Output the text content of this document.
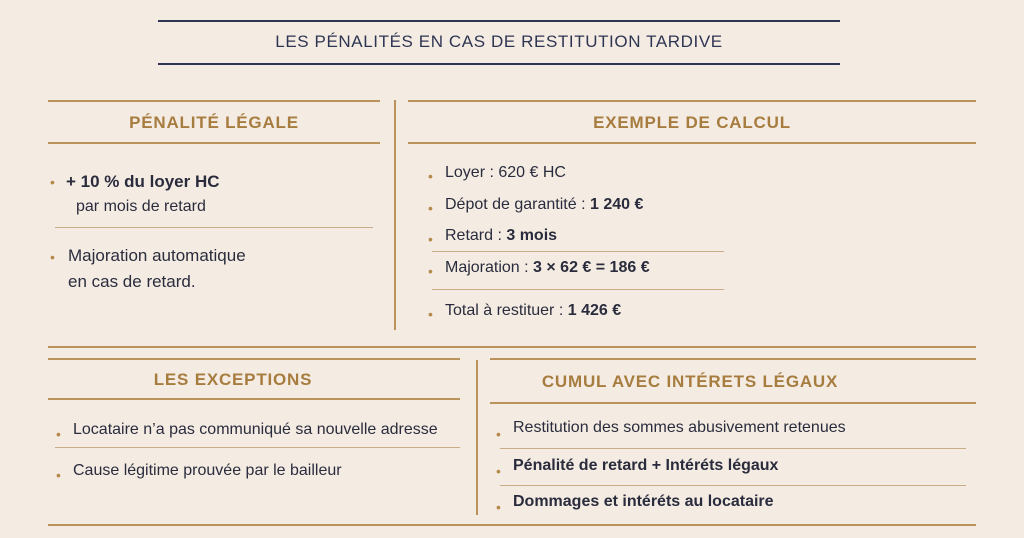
LES PÉNALITÉS EN CAS DE RESTITUTION TARDIVE
PÉNALITÉ LÉGALE
• + 10 % du loyer HC
par mois de retard
• Majoration automatique
en cas de retard.
EXEMPLE DE CALCUL
• Loyer : 620 € HC
• Dépot de garantité : 1 240 €
• Retard : 3 mois
• Majoration : 3 × 62 € = 186 €
• Total à restituer : 1 426 €
LES EXCEPTIONS
• Locataire n’a pas communiqué sa nouvelle adresse
• Cause légitime prouvée par le bailleur
CUMUL AVEC INTÉRETS LÉGAUX
• Restitution des sommes abusivement retenues
• Pénalité de retard + Intéréts légaux
• Dommages et intéréts au locataire
